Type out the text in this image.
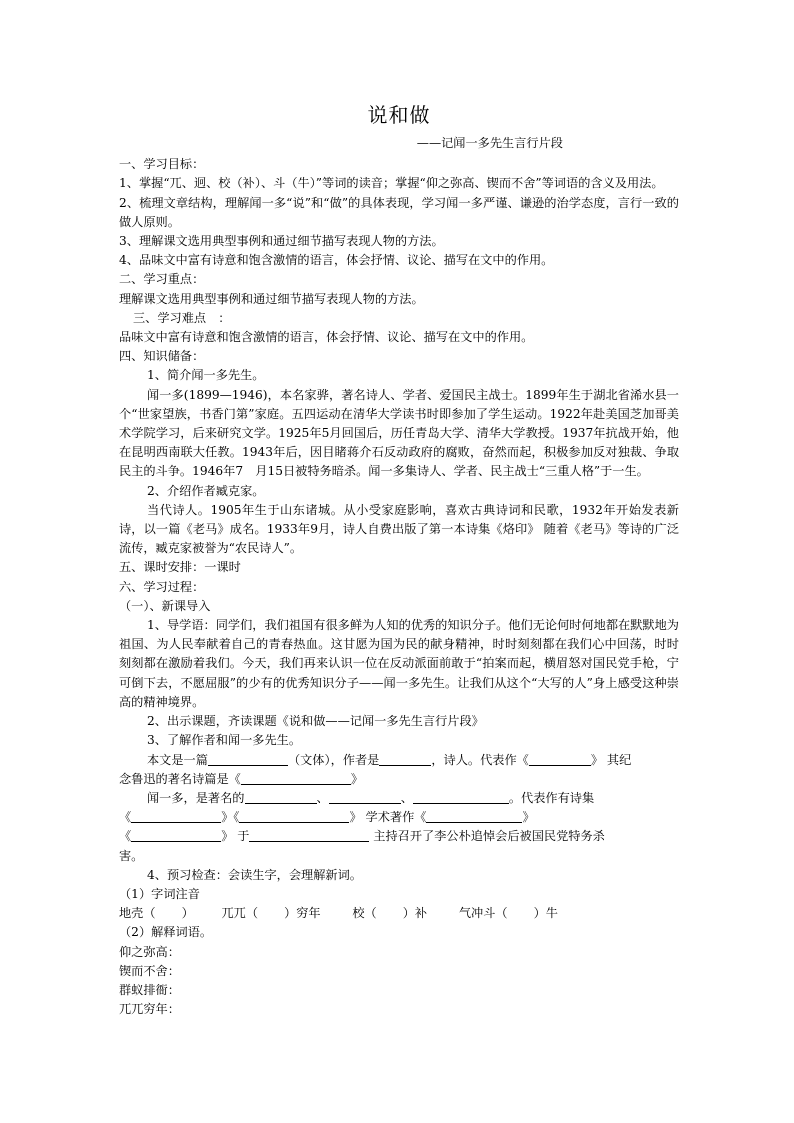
说和做
——记闻一多先生言行片段
一、学习目标：
1、掌握“兀、迥、校（补）、斗（牛）”等词的读音；掌握“仰之弥高、锲而不舍”等词语的含义及用法。
2、梳理文章结构，理解闻一多“说”和“做”的具体表现，学习闻一多严谨、谦逊的治学态度，言行一致的做人原则。
3、理解课文选用典型事例和通过细节描写表现人物的方法。
4、品味文中富有诗意和饱含激情的语言，体会抒情、议论、描写在文中的作用。
二、学习重点：
理解课文选用典型事例和通过细节描写表现人物的方法。
三、学习难点　：
品味文中富有诗意和饱含激情的语言，体会抒情、议论、描写在文中的作用。
四、知识储备：
1、简介闻一多先生。
闻一多(1899—1946)，本名家骅，著名诗人、学者、爱国民主战士。1899年生于湖北省浠水县一个“世家望族，书香门第”家庭。五四运动在清华大学读书时即参加了学生运动。1922年赴美国芝加哥美术学院学习，后来研究文学。1925年5月回国后，历任青岛大学、清华大学教授。1937年抗战开始，他在昆明西南联大任教。1943年后，因目睹蒋介石反动政府的腐败，奋然而起，积极参加反对独裁、争取民主的斗争。1946年7　月15日被特务暗杀。闻一多集诗人、学者、民主战士“三重人格”于一生。
2、介绍作者臧克家。
当代诗人。1905年生于山东诸城。从小受家庭影响，喜欢古典诗词和民歌，1932年开始发表新诗，以一篇《老马》成名。1933年9月，诗人自费出版了第一本诗集《烙印》 随着《老马》等诗的广泛流传，臧克家被誉为“农民诗人”。
五、课时安排：一课时
六、学习过程：
（一）、新课导入
1、导学语：同学们，我们祖国有很多鲜为人知的优秀的知识分子。他们无论何时何地都在默默地为祖国、为人民奉献着自己的青春热血。这甘愿为国为民的献身精神，时时刻刻都在我们心中回荡，时时刻刻都在激励着我们。今天，我们再来认识一位在反动派面前敢于“拍案而起，横眉怒对国民党手枪，宁可倒下去，不愿屈服”的少有的优秀知识分子——闻一多先生。让我们从这个“大写的人”身上感受这种崇高的精神境界。
2、出示课题，齐读课题《说和做——记闻一多先生言行片段》
3、了解作者和闻一多先生。
本文是一篇	（文体），作者是	，诗人。代表作《	》 其纪
念鲁迅的著名诗篇是《	》
闻一多，是著名的	、	、	。代表作有诗集
《	》《	》 学术著作《	》
《	》 于	主持召开了李公朴追悼会后被国民党特务杀
害。
4、预习检查：会读生字，会理解新词。
（1）字词注音
地壳（ ） 兀兀（ ）穷年	校（ ）补	气冲斗（ ）牛
（2）解释词语。
仰之弥高：
锲而不舍：
群蚁排衙：
兀兀穷年：
